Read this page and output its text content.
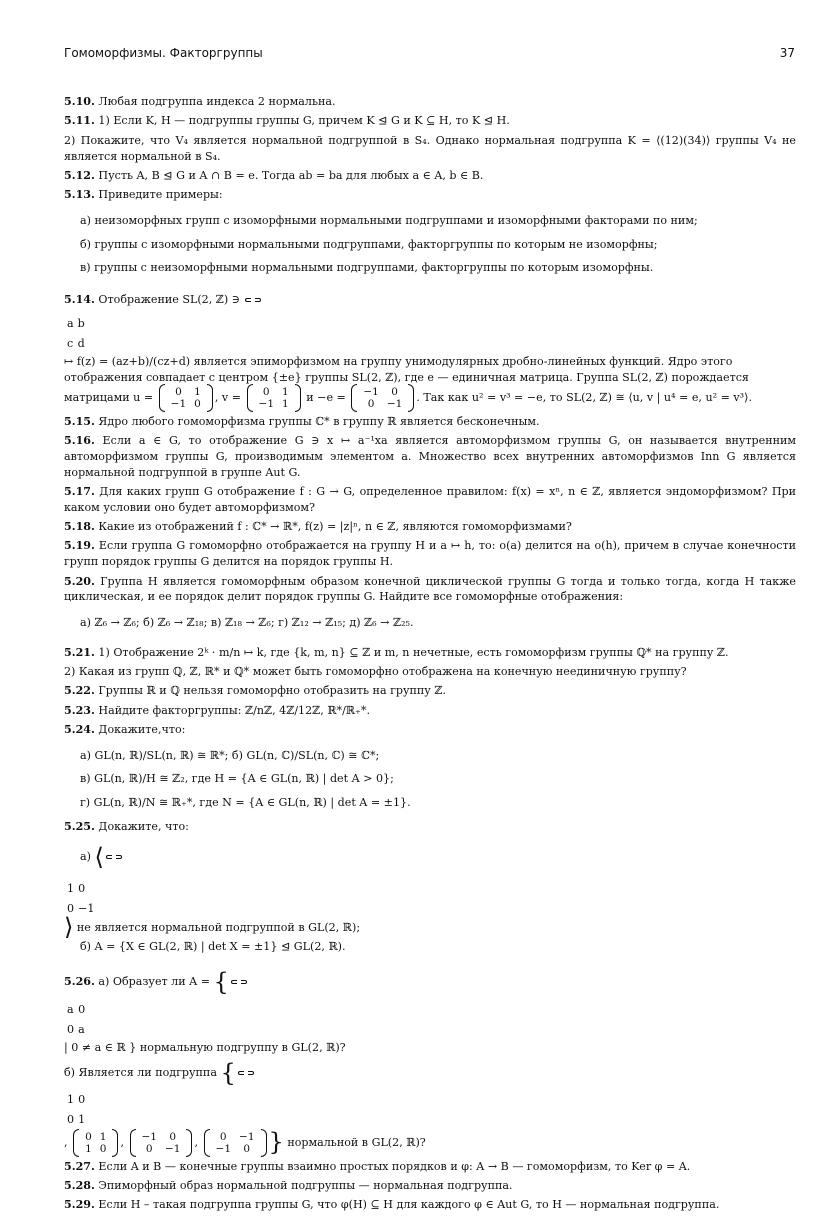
Гомоморфизмы. Факторгруппы	37

5.10. Любая подгруппа индекса 2 нормальна.

5.11. 1) Если K, H — подгруппы группы G, причем K ⊴ G и K ⊆ H, то K ⊴ H.

2) Покажите, что V₄ является нормальной подгруппой в S₄. Однако нормальная подгруппа K = ⟨(12)(34)⟩ группы V₄ не является нормальной в S₄.

5.12. Пусть A, B ⊴ G и A ∩ B = e. Тогда ab = ba для любых a ∈ A, b ∈ B.

5.13. Приведите примеры:

а) неизоморфных групп с изоморфными нормальными подгруппами и изоморфными факторами по ним;

б) группы с изоморфными нормальными подгруппами, факторгруппы по которым не изоморфны;

в) группы с неизоморфными нормальными подгруппами, факторгруппы по которым изоморфны.

5.14. Отображение SL(2, ℤ) ∋

a	b
c	d
↦ f(z) = (az+b)/(cz+d) является эпиморфизмом на группу унимодулярных дробно-линейных функций. Ядро этого отображения совпадает с центром {±e} группы SL(2, ℤ), где e — единичная матрица. Группа SL(2, ℤ) порождается матрицами u = 0	1
−1	0 , v = 0	1
−1	1 и −e = −1	0
0	−1 . Так как u² = v³ = −e, то SL(2, ℤ) ≅ ⟨u, v | u⁴ = e, u² = v³⟩.

5.15. Ядро любого гомоморфизма группы ℂ* в группу ℝ является бесконечным.

5.16. Если a ∈ G, то отображение G ∋ x ↦ a⁻¹xa является автоморфизмом группы G, он называется внутренним автоморфизмом группы G, производимым элементом a. Множество всех внутренних автоморфизмов Inn G является нормальной подгруппой в группе Aut G.

5.17. Для каких групп G отображение f : G → G, определенное правилом: f(x) = xⁿ, n ∈ ℤ, является эндоморфизмом? При каком условии оно будет автоморфизмом?

5.18. Какие из отображений f : ℂ* → ℝ*, f(z) = |z|ⁿ, n ∈ ℤ, являются гомоморфизмами?

5.19. Если группа G гомоморфно отображается на группу H и a ↦ h, то: o(a) делится на o(h), причем в случае конечности групп порядок группы G делится на порядок группы H.

5.20. Группа H является гомоморфным образом конечной циклической группы G тогда и только тогда, когда H также циклическая, и ее порядок делит порядок группы G. Найдите все гомоморфные отображения:

а) ℤ₆ → ℤ₆; б) ℤ₆ → ℤ₁₈; в) ℤ₁₈ → ℤ₆; г) ℤ₁₂ → ℤ₁₅; д) ℤ₆ → ℤ₂₅.

5.21. 1) Отображение 2ᵏ · m/n ↦ k, где {k, m, n} ⊆ ℤ и m, n нечетные, есть гомоморфизм группы ℚ* на группу ℤ.

2) Какая из групп ℚ, ℤ, ℝ* и ℚ* может быть гомоморфно отображена на конечную неединичную группу?

5.22. Группы ℝ и ℚ нельзя гомоморфно отобразить на группу ℤ.

5.23. Найдите факторгруппы: ℤ/nℤ, 4ℤ/12ℤ, ℝ*/ℝ₊*.

5.24. Докажите,что:

а) GL(n, ℝ)/SL(n, ℝ) ≅ ℝ*; б) GL(n, ℂ)/SL(n, ℂ) ≅ ℂ*;

в) GL(n, ℝ)/H ≅ ℤ₂, где H = {A ∈ GL(n, ℝ) | det A > 0};

г) GL(n, ℝ)/N ≅ ℝ₊*, где N = {A ∈ GL(n, ℝ) | det A = ±1}.

5.25. Докажите, что:

а) ⟨

1	0
0	−1
⟩ не является нормальной подгруппой в GL(2, ℝ);

б) A = {X ∈ GL(2, ℝ) | det X = ±1} ⊴ GL(2, ℝ).

5.26. а) Образует ли A = {

a	0
0	a
| 0 ≠ a ∈ ℝ } нормальную подгруппу в GL(2, ℝ)?

б) Является ли подгруппа {

1	0
0	1
, 0	1
1	0 , −1	0
0	−1 , 0	−1
−1	0 } нормальной в GL(2, ℝ)?

5.27. Если A и B — конечные группы взаимно простых порядков и φ: A → B — гомоморфизм, то Ker φ = A.

5.28. Эпиморфный образ нормальной подгруппы — нормальная подгруппа.

5.29. Если H – такая подгруппа группы G, что φ(H) ⊆ H для каждого φ ∈ Aut G, то H — нормальная подгруппа.
